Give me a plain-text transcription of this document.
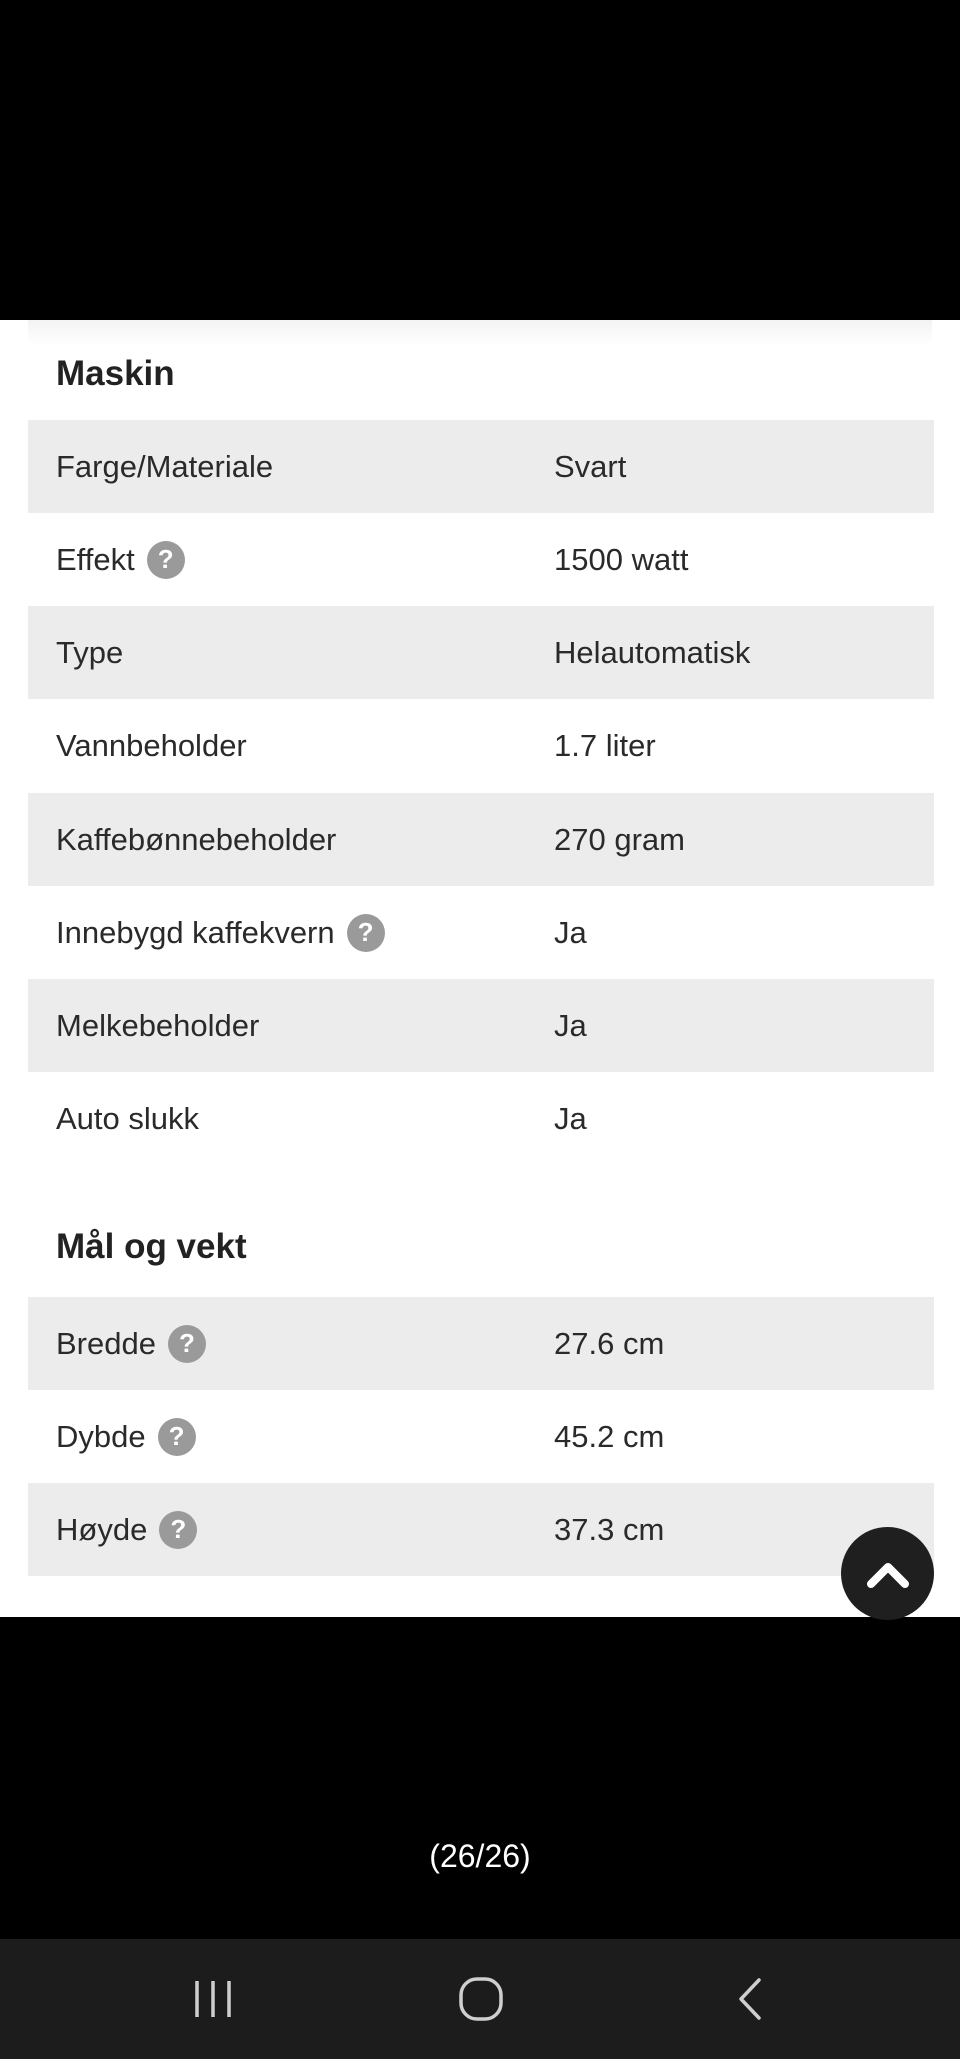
Maskin
Farge/Materiale	Svart
Effekt ?	1500 watt
Type	Helautomatisk
Vannbeholder	1.7 liter
Kaffebønnebeholder	270 gram
Innebygd kaffekvern ?	Ja
Melkebeholder	Ja
Auto slukk	Ja
Mål og vekt
Bredde ?	27.6 cm
Dybde ?	45.2 cm
Høyde ?	37.3 cm
(26/26)
